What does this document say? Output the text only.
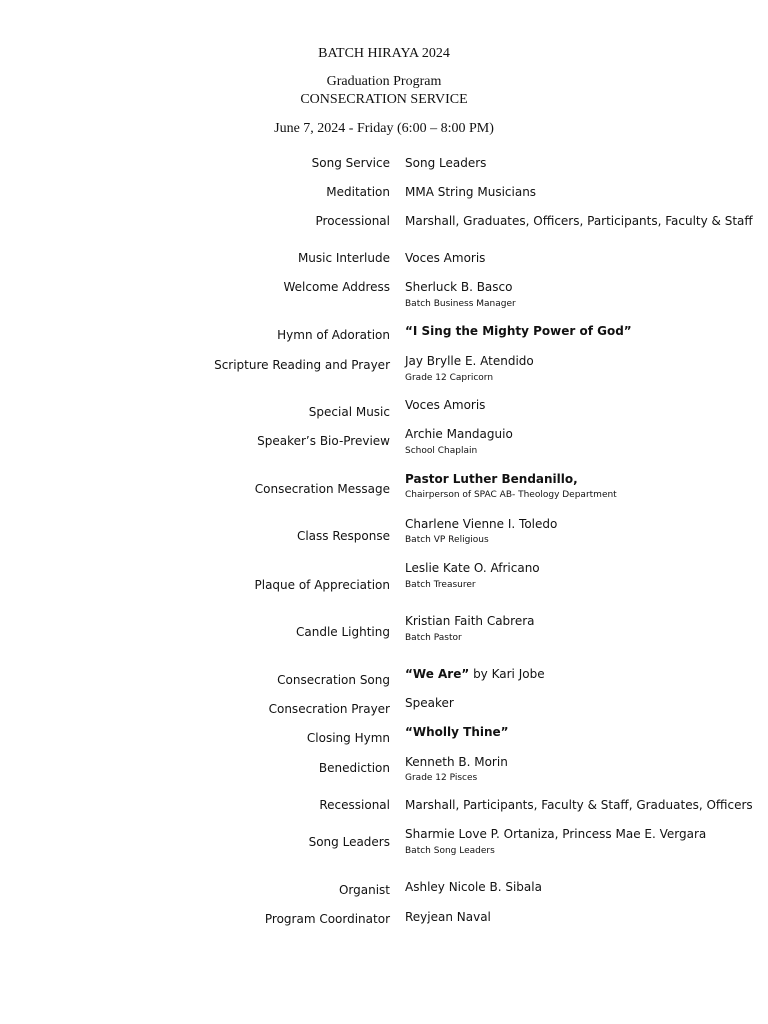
BATCH HIRAYA 2024
Graduation Program
CONSECRATION SERVICE
June 7, 2024 - Friday (6:00 – 8:00 PM)
Song Service Song Leaders
Meditation MMA String Musicians
Processional Marshall, Graduates, Officers, Participants, Faculty & Staff
Music Interlude Voces Amoris
Welcome Address Sherluck B. Basco
Batch Business Manager
Hymn of Adoration “I Sing the Mighty Power of God”
Scripture Reading and Prayer Jay Brylle E. Atendido
Grade 12 Capricorn
Special Music Voces Amoris
Speaker’s Bio-Preview Archie Mandaguio
School Chaplain
Consecration Message
Pastor Luther Bendanillo,
Chairperson of SPAC AB- Theology Department
Class Response
Charlene Vienne I. Toledo
Batch VP Religious
Plaque of Appreciation
Leslie Kate O. Africano
Batch Treasurer
Candle Lighting
Kristian Faith Cabrera
Batch Pastor
Consecration Song “We Are” by Kari Jobe
Consecration Prayer Speaker
Closing Hymn “Wholly Thine”
Benediction Kenneth B. Morin
Grade 12 Pisces
Recessional Marshall, Participants, Faculty & Staff, Graduates, Officers
Song Leaders
Sharmie Love P. Ortaniza, Princess Mae E. Vergara
Batch Song Leaders
Organist Ashley Nicole B. Sibala
Program Coordinator Reyjean Naval
